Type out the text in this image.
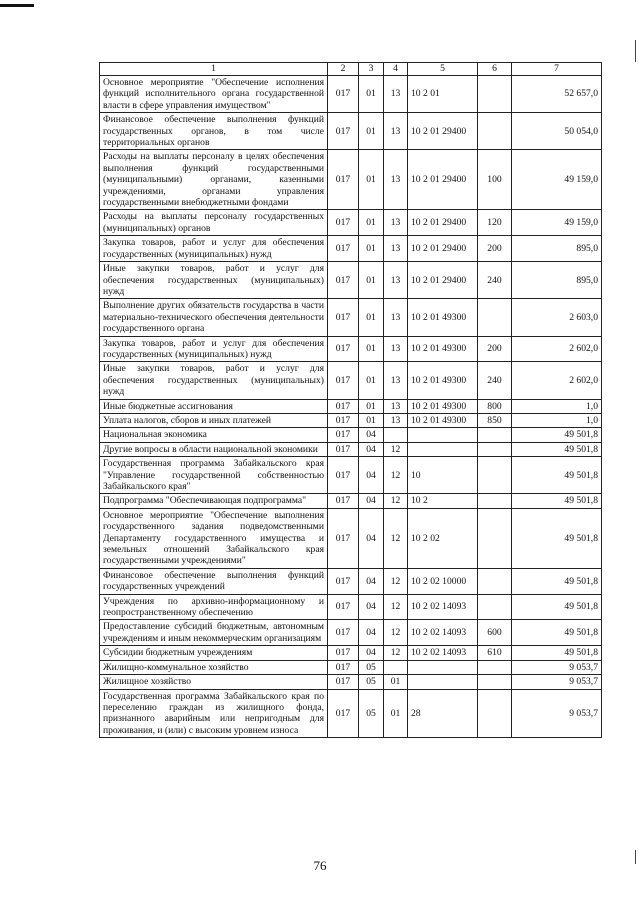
1	2	3	4	5	6	7
Основное мероприятие "Обеспечение исполнения функций исполнительного органа государственной власти в сфере управления имуществом"	017	01	13	10 2 01		52 657,0
Финансовое обеспечение выполнения функций государственных органов, в том числе территориальных органов	017	01	13	10 2 01 29400		50 054,0
Расходы на выплаты персоналу в целях обеспечения выполнения функций государственными (муниципальными) органами, казенными учреждениями, органами управления государственными внебюджетными фондами	017	01	13	10 2 01 29400	100	49 159,0
Расходы на выплаты персоналу государственных (муниципальных) органов	017	01	13	10 2 01 29400	120	49 159,0
Закупка товаров, работ и услуг для обеспечения государственных (муниципальных) нужд	017	01	13	10 2 01 29400	200	895,0
Иные закупки товаров, работ и услуг для обеспечения государственных (муниципальных) нужд	017	01	13	10 2 01 29400	240	895,0
Выполнение других обязательств государства в части материально-технического обеспечения деятельности государственного органа	017	01	13	10 2 01 49300		2 603,0
Закупка товаров, работ и услуг для обеспечения государственных (муниципальных) нужд	017	01	13	10 2 01 49300	200	2 602,0
Иные закупки товаров, работ и услуг для обеспечения государственных (муниципальных) нужд	017	01	13	10 2 01 49300	240	2 602,0
Иные бюджетные ассигнования	017	01	13	10 2 01 49300	800	1,0
Уплата налогов, сборов и иных платежей	017	01	13	10 2 01 49300	850	1,0
Национальная экономика	017	04				49 501,8
Другие вопросы в области национальной экономики	017	04	12			49 501,8
Государственная программа Забайкальского края "Управление государственной собственностью Забайкальского края"	017	04	12	10		49 501,8
Подпрограмма "Обеспечивающая подпрограмма"	017	04	12	10 2		49 501,8
Основное мероприятие "Обеспечение выполнения государственного задания подведомственными Департаменту государственного имущества и земельных отношений Забайкальского края государственными учреждениями"	017	04	12	10 2 02		49 501,8
Финансовое обеспечение выполнения функций государственных учреждений	017	04	12	10 2 02 10000		49 501,8
Учреждения по архивно-информационному и геопространственному обеспечению	017	04	12	10 2 02 14093		49 501,8
Предоставление субсидий бюджетным, автономным учреждениям и иным некоммерческим организациям	017	04	12	10 2 02 14093	600	49 501,8
Субсидии бюджетным учреждениям	017	04	12	10 2 02 14093	610	49 501,8
Жилищно-коммунальное хозяйство	017	05				9 053,7
Жилищное хозяйство	017	05	01			9 053,7
Государственная программа Забайкальского края по переселению граждан из жилищного фонда, признанного аварийным или непригодным для проживания, и (или) с высоким уровнем износа	017	05	01	28		9 053,7
76
